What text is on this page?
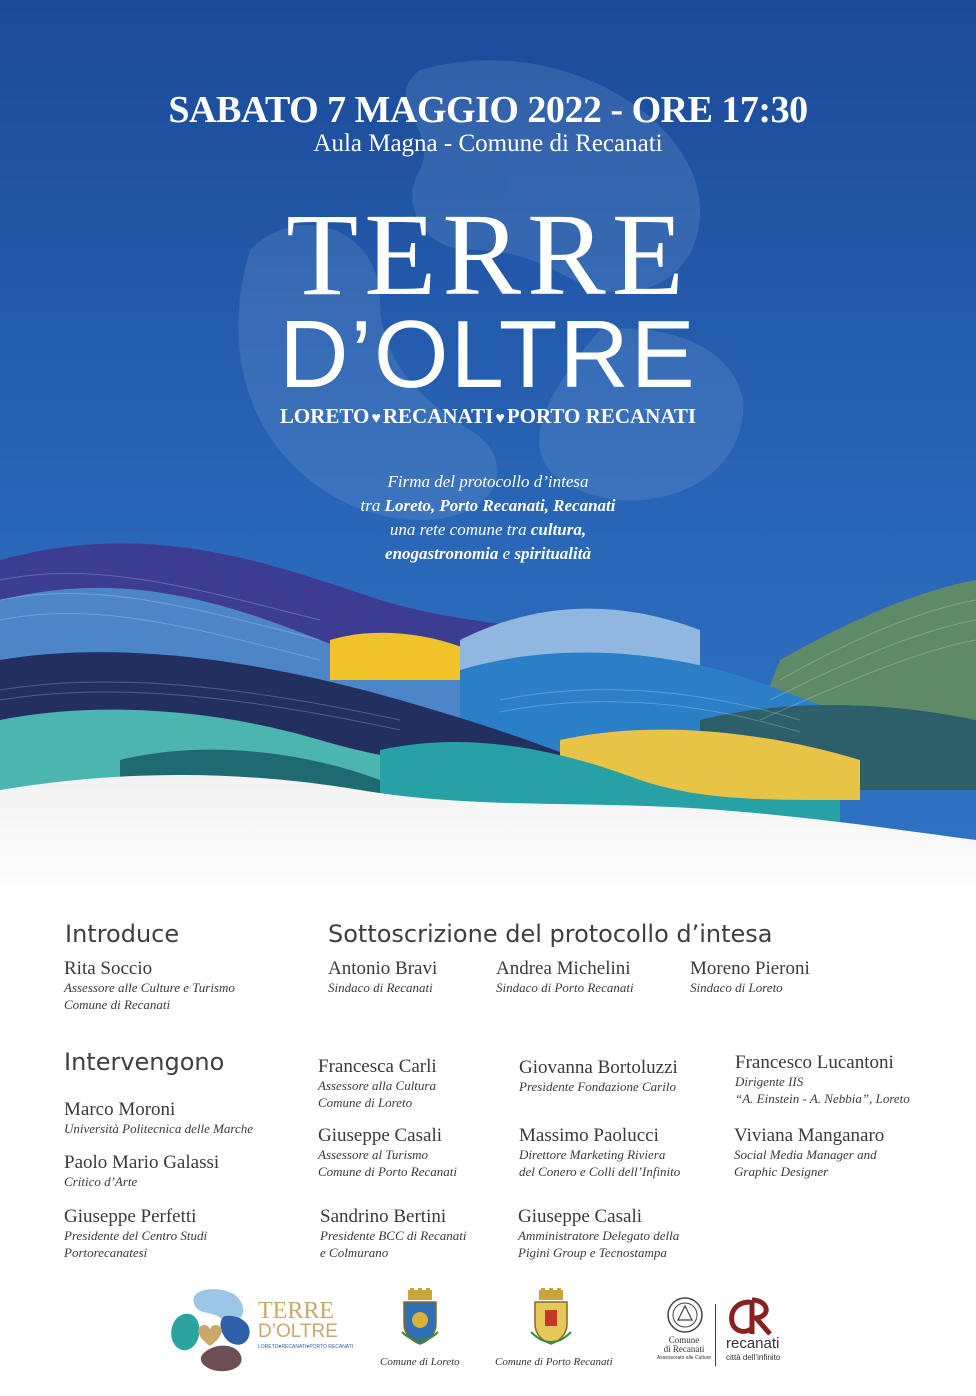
SABATO 7 MAGGIO 2022 - ORE 17:30
Aula Magna - Comune di Recanati
TERRE
D’OLTRE
LORETO ♥RECANATI ♥PORTO RECANATI
Firma del protocollo d’intesa
tra Loreto, Porto Recanati, Recanati
una rete comune tra cultura,
enogastronomia e spiritualità
Introduce
Rita Soccio
Assessore alle Culture e Turismo
Comune di Recanati
Sottoscrizione del protocollo d’intesa
Antonio Bravi
Sindaco di Recanati
Andrea Michelini
Sindaco di Porto Recanati
Moreno Pieroni
Sindaco di Loreto
Intervengono
Marco Moroni
Università Politecnica delle Marche
Paolo Mario Galassi
Critico d’Arte
Giuseppe Perfetti
Presidente del Centro Studi
Portorecanatesi
Francesca Carli
Assessore alla Cultura
Comune di Loreto
Giuseppe Casali
Assessore al Turismo
Comune di Porto Recanati
Sandrino Bertini
Presidente BCC di Recanati
e Colmurano
Giovanna Bortoluzzi
Presidente Fondazione Carilo
Massimo Paolucci
Direttore Marketing Riviera
del Conero e Colli dell’Infinito
Giuseppe Casali
Amministratore Delegato della
Pigini Group e Tecnostampa
Francesco Lucantoni
Dirigente IIS
“A. Einstein - A. Nebbia”, Loreto
Viviana Manganaro
Social Media Manager and
Graphic Designer
TERRE
D’OLTRE
LORETO♥RECANATI♥PORTO RECANATI
Comune di Loreto	Comune di Porto Recanati
Comune
di Recanati
Assessorato alle Culture
recanati
città dell’infinito
